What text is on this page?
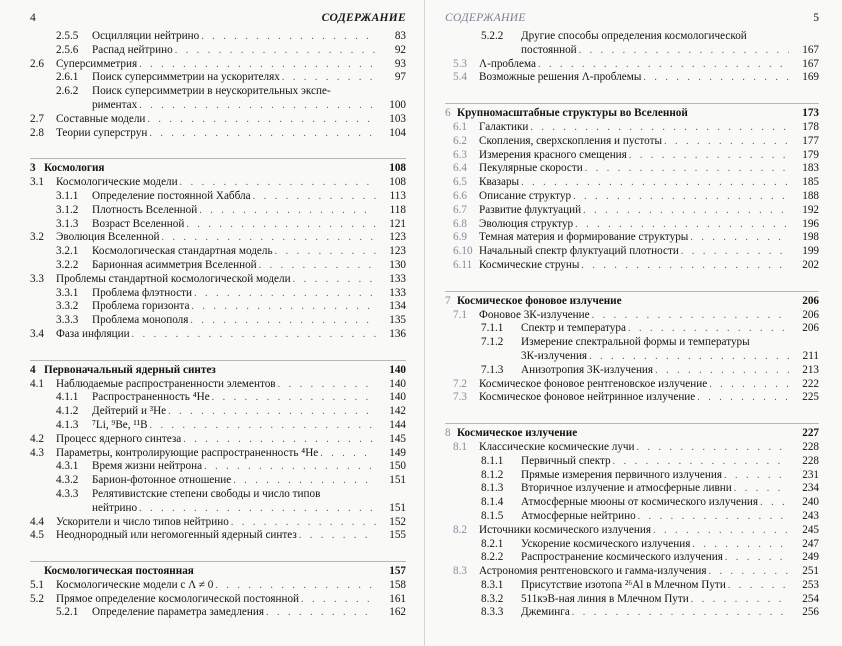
4	СОДЕРЖАНИЕ
2.5.5	Осцилляции нейтрино . . .	83
2.5.6	Распад нейтрино . . .	92
2.6	Суперсимметрия . . .	93
2.6.1	Поиск суперсимметрии на ускорителях . . .	97
2.6.2	Поиск суперсимметрии в неускорительных экспе-
риментах . . .	100
2.7	Составные модели . . .	103
2.8	Теории суперструн . . .	104
3 Космология	108
3.1	Космологические модели . . .	108
3.1.1	Определение постоянной Хаббла . . .	113
3.1.2	Плотность Вселенной . . .	118
3.1.3	Возраст Вселенной . . .	121
3.2	Эволюция Вселенной . . .	123
3.2.1	Космологическая стандартная модель . . .	123
3.2.2	Барионная асимметрия Вселенной . . .	130
3.3	Проблемы стандартной космологической модели . . .	133
3.3.1	Проблема флэтности . . .	133
3.3.2	Проблема горизонта . . .	134
3.3.3	Проблема монополя . . .	135
3.4	Фаза инфляции . . .	136
4 Первоначальный ядерный синтез	140
4.1	Наблюдаемые распространенности элементов . . .	140
4.1.1	Распространенность ⁴He . . .	140
4.1.2	Дейтерий и ³He . . .	142
4.1.3	⁷Li, ⁹Be, ¹¹B . . .	144
4.2	Процесс ядерного синтеза . . .	145
4.3	Параметры, контролирующие распространенность ⁴He . . .	149
4.3.1	Время жизни нейтрона . . .	150
4.3.2	Барион-фотонное отношение . . .	151
4.3.3	Релятивистские степени свободы и число типов
нейтрино . . .	151
4.4	Ускорители и число типов нейтрино . . .	152
4.5	Неоднородный или негомогенный ядерный синтез . . .	155
Космологическая постоянная	157
5.1	Космологические модели с Λ ≠ 0 . . .	158
5.2	Прямое определение космологической постоянной . . .	161
5.2.1	Определение параметра замедления . . .	162
СОДЕРЖАНИЕ	5
5.2.2	Другие способы определения космологической
постоянной . . .	167
5.3	Λ-проблема . . .	167
5.4	Возможные решения Λ-проблемы . . .	169
6 Крупномасштабные структуры во Вселенной	173
6.1	Галактики . . .	178
6.2	Скопления, сверхскопления и пустоты . . .	177
6.3	Измерения красного смещения . . .	179
6.4	Пекулярные скорости . . .	183
6.5	Квазары . . .	185
6.6	Описание структур . . .	188
6.7	Развитие флуктуаций . . .	192
6.8	Эволюция структур . . .	196
6.9	Темная материя и формирование структуры . . .	198
6.10 Начальный спектр флуктуаций плотности . . .	199
6.11 Космические струны . . .	202
7 Космическое фоновое излучение	206
7.1	Фоновое 3К-излучение . . .	206
7.1.1	Спектр и температура . . .	206
7.1.2	Измерение спектральной формы и температуры
3К-излучения . . .	211
7.1.3	Анизотропия 3К-излучения . . .	213
7.2	Космическое фоновое рентгеновское излучение . . .	222
7.3	Космическое фоновое нейтринное излучение . . .	225
8 Космическое излучение	227
8.1	Классические космические лучи . . .	228
8.1.1	Первичный спектр . . .	228
8.1.2	Прямые измерения первичного излучения . . .	231
8.1.3	Вторичное излучение и атмосферные ливни . . .	234
8.1.4	Атмосферные мюоны от космического излучения . . .	240
8.1.5	Атмосферные нейтрино . . .	243
8.2	Источники космического излучения . . .	245
8.2.1	Ускорение космического излучения . . .	247
8.2.2	Распространение космического излучения . . .	249
8.3	Астрономия рентгеновского и гамма-излучения . . .	251
8.3.1	Присутствие изотопа ²⁶Al в Млечном Пути . . .	253
8.3.2	511кэВ-ная линия в Млечном Пути . . .	254
8.3.3	Джеминга . . .	256
